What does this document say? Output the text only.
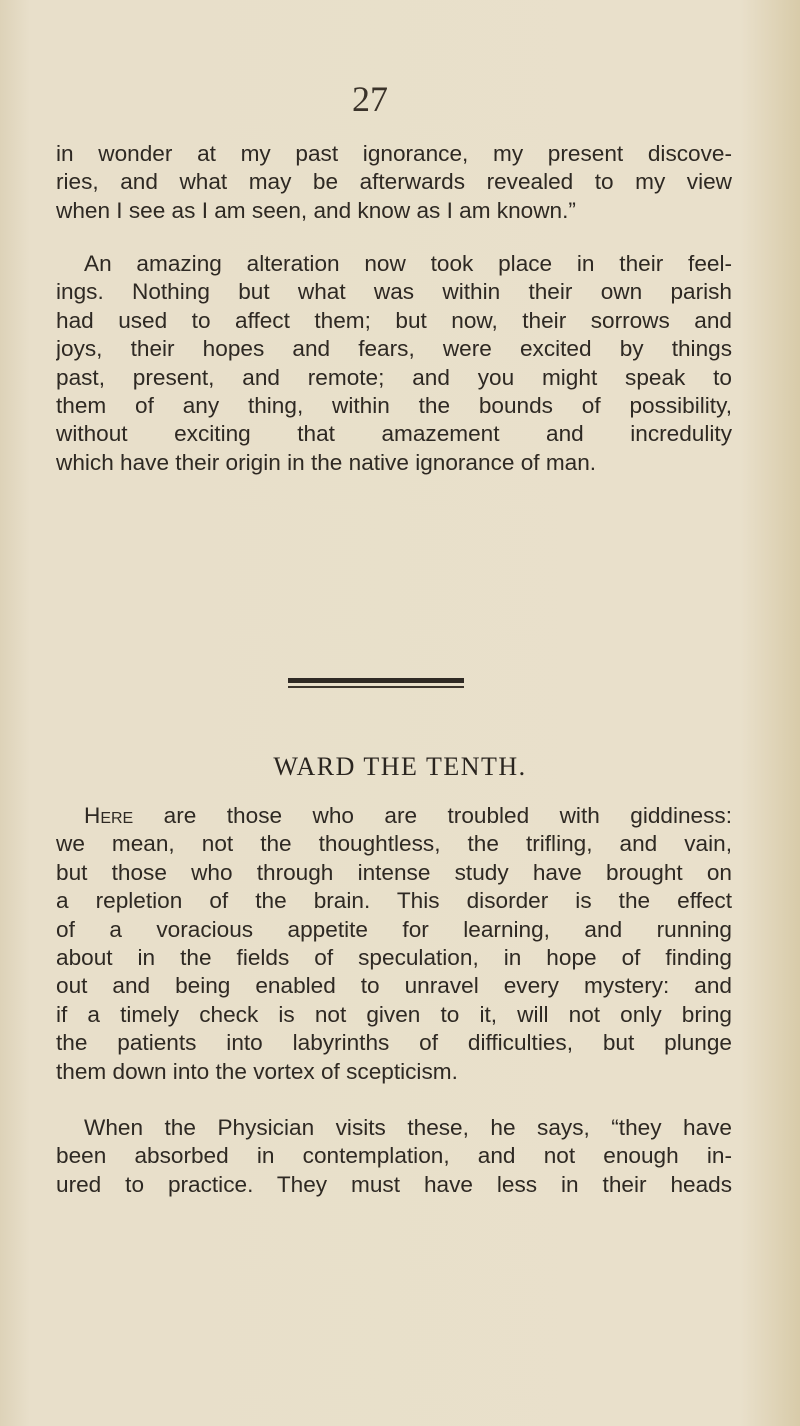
27
in wonder at my past ignorance, my present discove-
ries, and what may be afterwards revealed to my view
when I see as I am seen, and know as I am known.”
An amazing alteration now took place in their feel-
ings. Nothing but what was within their own parish
had used to affect them; but now, their sorrows and
joys, their hopes and fears, were excited by things
past, present, and remote; and you might speak to
them of any thing, within the bounds of possibility,
without exciting that amazement and incredulity
which have their origin in the native ignorance of man.
WARD THE TENTH.
Here are those who are troubled with giddiness:
we mean, not the thoughtless, the trifling, and vain,
but those who through intense study have brought on
a repletion of the brain. This disorder is the effect
of a voracious appetite for learning, and running
about in the fields of speculation, in hope of finding
out and being enabled to unravel every mystery: and
if a timely check is not given to it, will not only bring
the patients into labyrinths of difficulties, but plunge
them down into the vortex of scepticism.
When the Physician visits these, he says, “they have
been absorbed in contemplation, and not enough in-
ured to practice. They must have less in their heads
